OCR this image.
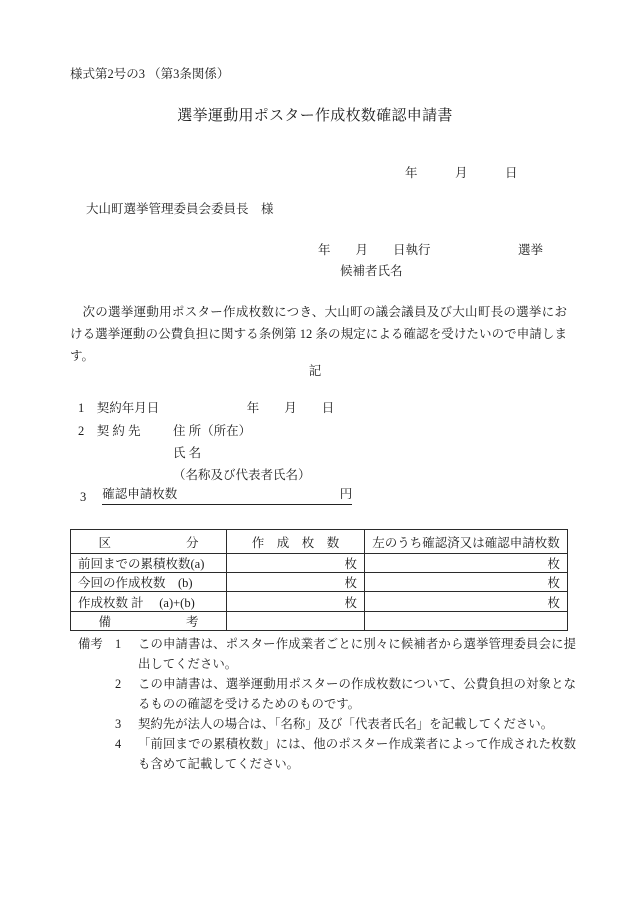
様式第2号の3 （第3条関係）
選挙運動用ポスター作成枚数確認申請書
年　　　月　　　日
大山町選挙管理委員会委員長　様
年　　月　　日執行　　　　　　　選挙
候補者氏名
次の選挙運動用ポスター作成枚数につき、大山町の議会議員及び大山町長の選挙における選挙運動の公費負担に関する条例第 12 条の規定による確認を受けたいので申請します。
記
1　契約年月日　　　　　　　年　　月　　日
2　 契 約 先	住 所（所在）
氏 名
（名称及び代表者氏名）
3 確認申請枚数	円
区　　　　　　分	作　成　枚　数	左のうち確認済又は確認申請枚数
前回までの累積枚数(a)	枚	枚
今回の作成枚数　(b)	枚	枚
作成枚数 計　 (a)+(b)	枚	枚
備　　　　　　考		
備考 1	この申請書は、ポスター作成業者ごとに別々に候補者から選挙管理委員会に提出してください。
2	この申請書は、選挙運動用ポスターの作成枚数について、公費負担の対象となるものの確認を受けるためのものです。
3	契約先が法人の場合は、「名称」及び「代表者氏名」を記載してください。
4	「前回までの累積枚数」には、他のポスター作成業者によって作成された枚数も含めて記載してください。
